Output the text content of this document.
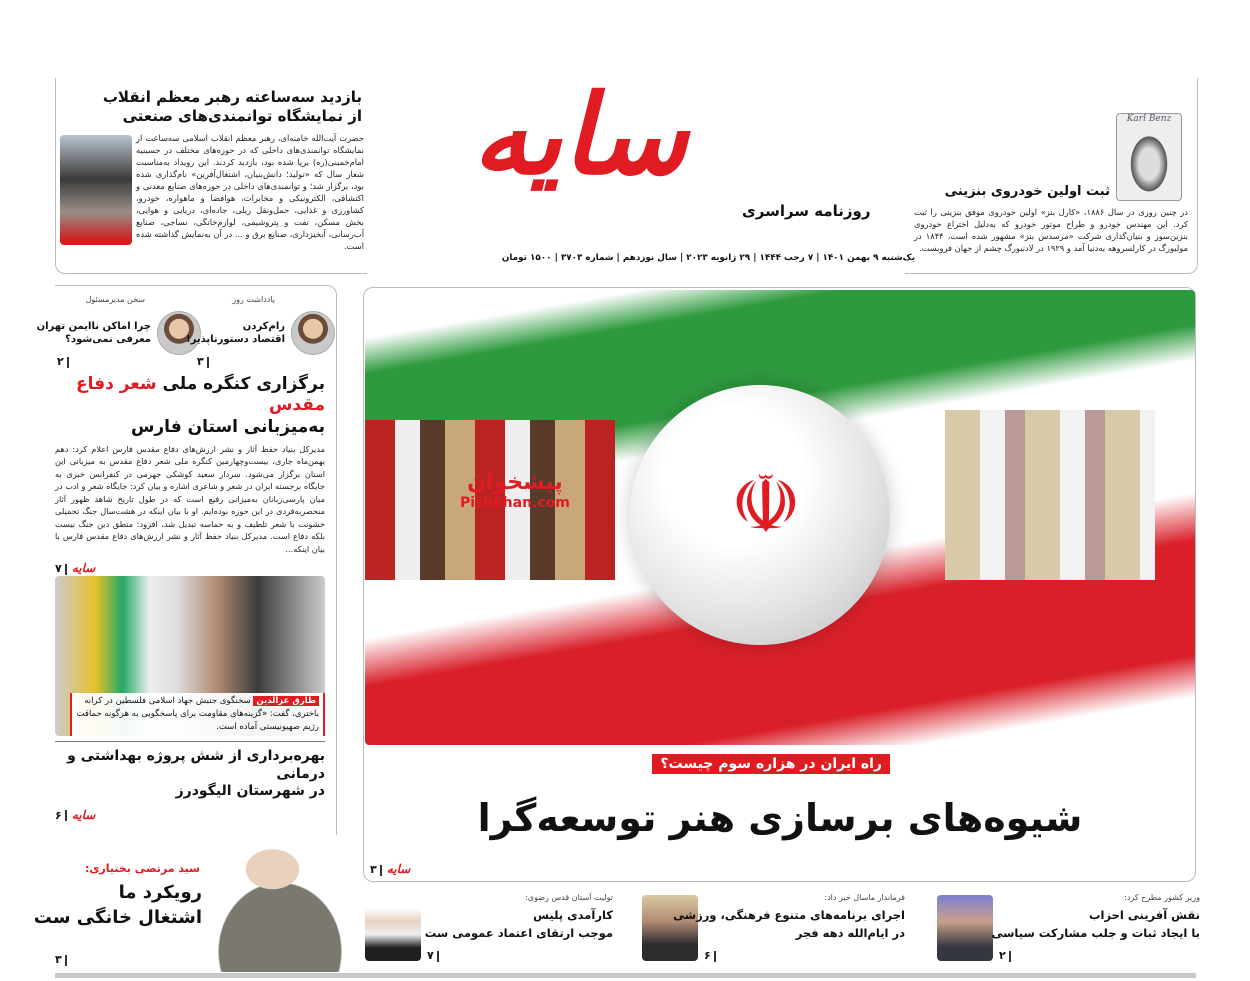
بازدید سه‌ساعته رهبر معظم انقلاب
از نمایشگاه توانمندی‌های صنعتی
حضرت آیت‌الله خامنه‌ای، رهبر معظم انقلاب اسلامی سه‌ساعت از نمایشگاه توانمندی‌های داخلی که در حوزه‌های مختلف در حسینیه امام‌خمینی(ره) برپا شده بود، بازدید کردند. این رویداد به‌مناسبت شعار سال که «تولید؛ دانش‌بنیان، اشتغال‌آفرین» نام‌گذاری شده بود، برگزار شد؛ و توانمندی‌های داخلی در حوزه‌های صنایع معدنی و اکتشافی، الکترونیکی و مخابرات، هوافضا و ماهواره، خودرو، کشاورزی و غذایی، حمل‌ونقل ریلی، جاده‌ای، دریایی و هوایی، بخش مسکن، نفت و پتروشیمی، لوازم‌خانگی، نساجی، صنایع آب‌رسانی، آبخیزداری، صنایع برق و ... در آن به‌نمایش گذاشته شده است.
سایه
روزنامه سراسری
یک‌شنبه ۹ بهمن ۱۴۰۱ | ۷ رجب ۱۴۴۴ | ۲۹ ژانویه ۲۰۲۳ | سال نوزدهم | شماره ۳۷۰۳ | ۱۵۰۰ تومان
Karl Benz
ثبت اولین خودروی بنزینی
در چنین روزی در سال ۱۸۸۶، «کارل بنز» اولین خودروی موفق بنزینی را ثبت کرد. این مهندس خودرو و طراح موتور خودرو که به‌دلیل اختراع خودروی بنزین‌سوز و بنیان‌گذاری شرکت «مرسدس بنز» مشهور شده است، ۱۸۴۴ در مولبورگ در کارلسروهه به‌دنیا آمد و ۱۹۲۹ در لادنبورگ چشم از جهان فروبست.
یادداشت روز
سخن مدیرمسئول
رام‌کردن
اقتصاد دستورناپذیر!
چرا اماکن ناایمن تهران
معرفی نمی‌شود؟
۳
۲
برگزاری کنگره ملی شعر دفاع مقدس
به‌میزبانی استان فارس
مدیرکل بنیاد حفظ آثار و نشر ارزش‌های دفاع مقدس فارس اعلام کرد: دهم بهمن‌ماه جاری، بیست‌وچهارمین کنگره ملی شعر دفاع مقدس به میزبانی این استان برگزار می‌شود. سردار سعید کوشکی جهرمی در کنفرانس خبری به جایگاه برجسته ایران در شعر و شاعری اشاره و بیان کرد: جایگاه شعر و ادب در میان پارسی‌زبانان به‌میزانی رفیع است که در طول تاریخ شاهد ظهور آثار منحصربه‌فردی در این حوزه بوده‌ایم. او با بیان اینکه در هشت‌سال جنگ تحمیلی خشونت با شعر تلطیف و به حماسه تبدیل شد، افزود: منطق دین جنگ نیست بلکه دفاع است. مدیرکل بنیاد حفظ آثار و نشر ارزش‌های دفاع مقدس فارس با بیان اینکه...
سایه ۷
طارق عزالدین سخنگوی جنبش جهاد اسلامی فلسطین در کرانه باختری، گفت: «گزینه‌های مقاومت برای پاسخگویی به هرگونه حماقت رژیم صهیونیستی آماده است.
بهره‌برداری از شش پروژه بهداشتی و درمانی
در شهرستان الیگودرز
سایه ۶
سید مرتضی بختیاری:
رویکرد ما
اشتغال خانگی ست
۳
☫
پیشخوان
Pishkhan.com
راه ایران در هزاره سوم چیست؟
شیوه‌های برسازی هنر توسعه‌گرا
سایه ۳
وزیر کشور مطرح کرد:
نقش آفرینی احزاب
با ایجاد ثبات و جلب مشارکت سیاسی
۲
فرماندار ماسال خبر داد:
اجرای برنامه‌های متنوع فرهنگی، ورزشی
در ایام‌الله دهه فجر
۶
تولیت آستان قدس رضوی:
کارآمدی پلیس
موجب ارتقای اعتماد عمومی ست
۷
